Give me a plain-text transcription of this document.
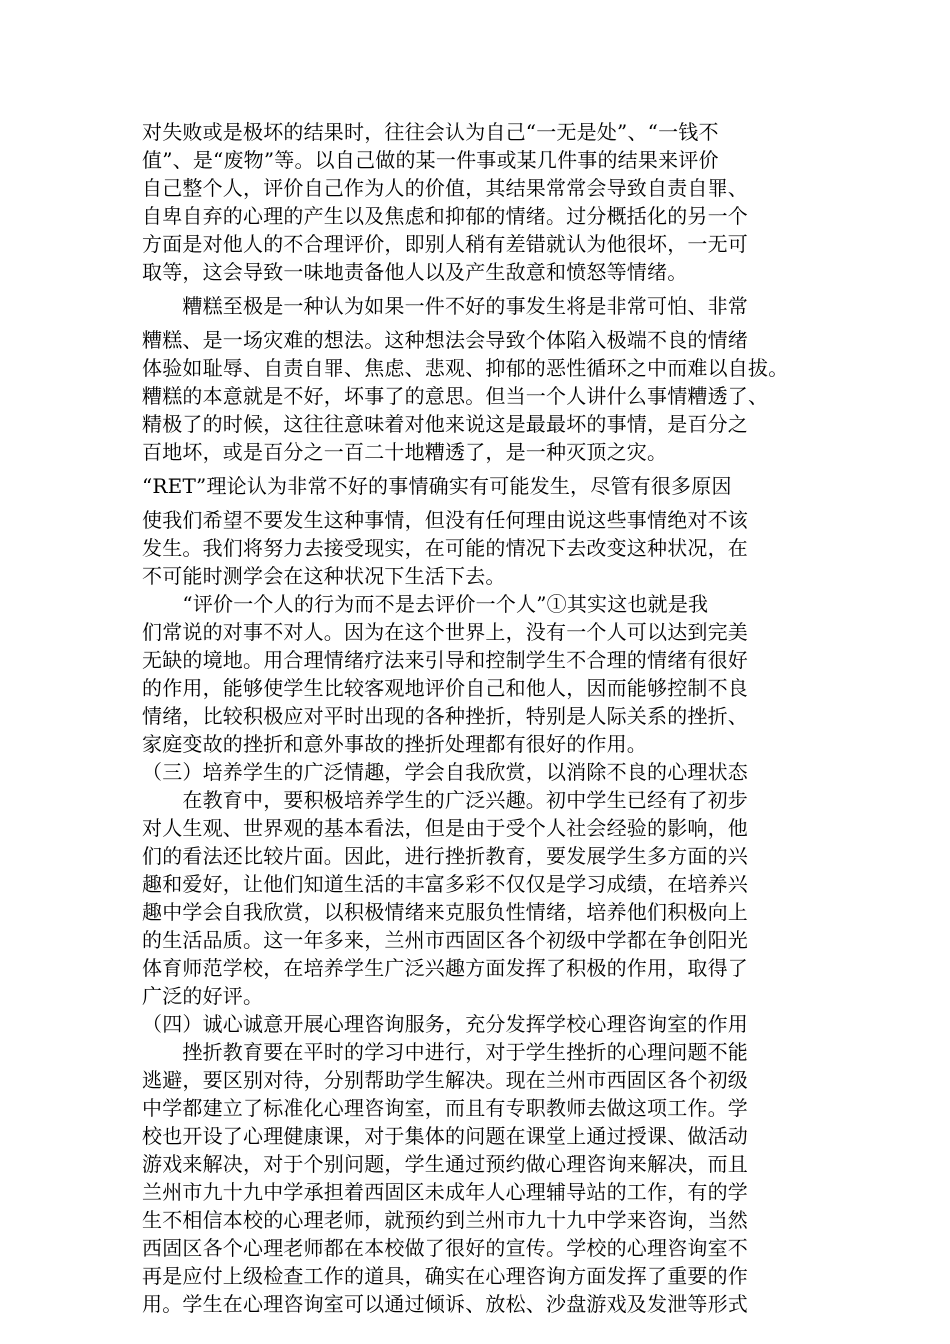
对失败或是极坏的结果时，往往会认为自己“一无是处”、“一钱不
值”、是“废物”等。以自己做的某一件事或某几件事的结果来评价
自己整个人，评价自己作为人的价值，其结果常常会导致自责自罪、
自卑自弃的心理的产生以及焦虑和抑郁的情绪。过分概括化的另一个
方面是对他人的不合理评价，即别人稍有差错就认为他很坏，一无可
取等，这会导致一味地责备他人以及产生敌意和愤怒等情绪。
　　糟糕至极是一种认为如果一件不好的事发生将是非常可怕、非常
糟糕、是一场灾难的想法。这种想法会导致个体陷入极端不良的情绪
体验如耻辱、自责自罪、焦虑、悲观、抑郁的恶性循环之中而难以自拔。
糟糕的本意就是不好，坏事了的意思。但当一个人讲什么事情糟透了、
精极了的时候，这往往意味着对他来说这是最最坏的事情，是百分之
百地坏，或是百分之一百二十地糟透了，是一种灭顶之灾。
“RET”理论认为非常不好的事情确实有可能发生，尽管有很多原因
使我们希望不要发生这种事情，但没有任何理由说这些事情绝对不该
发生。我们将努力去接受现实，在可能的情况下去改变这种状况，在
不可能时测学会在这种状况下生活下去。
　　“评价一个人的行为而不是去评价一个人”①其实这也就是我
们常说的对事不对人。因为在这个世界上，没有一个人可以达到完美
无缺的境地。用合理情绪疗法来引导和控制学生不合理的情绪有很好
的作用，能够使学生比较客观地评价自己和他人，因而能够控制不良
情绪，比较积极应对平时出现的各种挫折，特别是人际关系的挫折、
家庭变故的挫折和意外事故的挫折处理都有很好的作用。
（三）培养学生的广泛情趣，学会自我欣赏，以消除不良的心理状态
　　在教育中，要积极培养学生的广泛兴趣。初中学生已经有了初步
对人生观、世界观的基本看法，但是由于受个人社会经验的影响，他
们的看法还比较片面。因此，进行挫折教育，要发展学生多方面的兴
趣和爱好，让他们知道生活的丰富多彩不仅仅是学习成绩，在培养兴
趣中学会自我欣赏，以积极情绪来克服负性情绪，培养他们积极向上
的生活品质。这一年多来，兰州市西固区各个初级中学都在争创阳光
体育师范学校，在培养学生广泛兴趣方面发挥了积极的作用，取得了
广泛的好评。
（四）诚心诚意开展心理咨询服务，充分发挥学校心理咨询室的作用
　　挫折教育要在平时的学习中进行，对于学生挫折的心理问题不能
逃避，要区别对待，分别帮助学生解决。现在兰州市西固区各个初级
中学都建立了标准化心理咨询室，而且有专职教师去做这项工作。学
校也开设了心理健康课，对于集体的问题在课堂上通过授课、做活动
游戏来解决，对于个别问题，学生通过预约做心理咨询来解决，而且
兰州市九十九中学承担着西固区未成年人心理辅导站的工作，有的学
生不相信本校的心理老师，就预约到兰州市九十九中学来咨询，当然
西固区各个心理老师都在本校做了很好的宣传。学校的心理咨询室不
再是应付上级检查工作的道具，确实在心理咨询方面发挥了重要的作
用。学生在心理咨询室可以通过倾诉、放松、沙盘游戏及发泄等形式
